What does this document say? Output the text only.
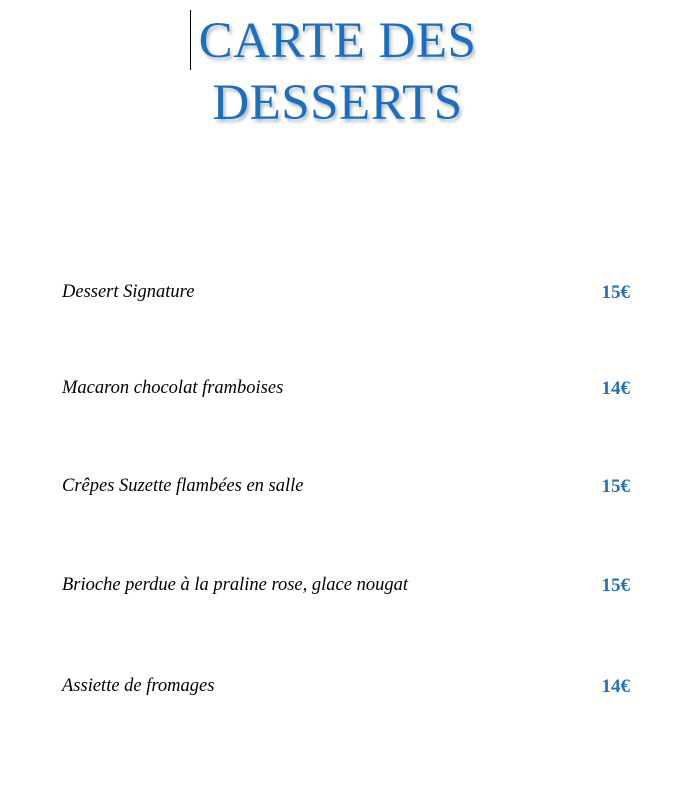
CARTE DES
DESSERTS
Dessert Signature	15€
Macaron chocolat framboises	14€
Crêpes Suzette flambées en salle	15€
Brioche perdue à la praline rose, glace nougat	15€
Assiette de fromages	14€
